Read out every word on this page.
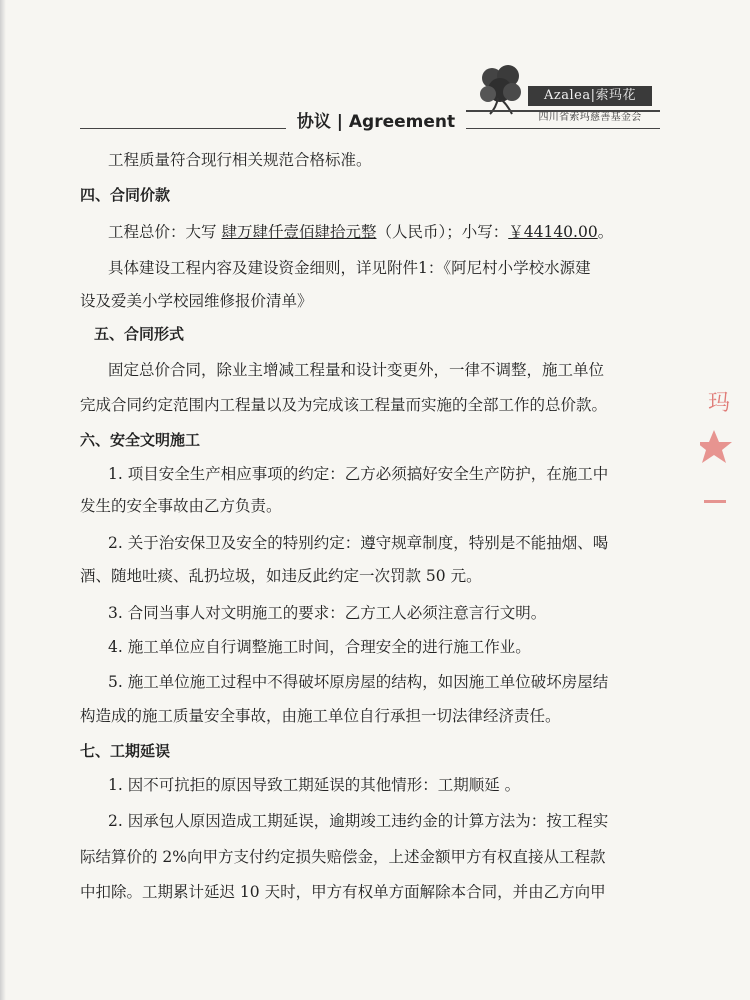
Azalea|索玛花
四川省索玛慈善基金会
协议 | Agreement
工程质量符合现行相关规范合格标准。
四、合同价款
工程总价：大写 肆万肆仟壹佰肆拾元整（人民币）；小写：￥44140.00。
具体建设工程内容及建设资金细则，详见附件1：《阿尼村小学校水源建
设及爱美小学校园维修报价清单》
五、合同形式
固定总价合同，除业主增减工程量和设计变更外，一律不调整，施工单位
完成合同约定范围内工程量以及为完成该工程量而实施的全部工作的总价款。
六、安全文明施工
1. 项目安全生产相应事项的约定：乙方必须搞好安全生产防护，在施工中
发生的安全事故由乙方负责。
2. 关于治安保卫及安全的特别约定：遵守规章制度，特别是不能抽烟、喝
酒、随地吐痰、乱扔垃圾，如违反此约定一次罚款 50 元。
3. 合同当事人对文明施工的要求：乙方工人必须注意言行文明。
4. 施工单位应自行调整施工时间，合理安全的进行施工作业。
5. 施工单位施工过程中不得破坏原房屋的结构，如因施工单位破坏房屋结
构造成的施工质量安全事故，由施工单位自行承担一切法律经济责任。
七、工期延误
1. 因不可抗拒的原因导致工期延误的其他情形：工期顺延 。
2. 因承包人原因造成工期延误，逾期竣工违约金的计算方法为：按工程实
际结算价的 2%向甲方支付约定损失赔偿金，上述金额甲方有权直接从工程款
中扣除。工期累计延迟 10 天时，甲方有权单方面解除本合同，并由乙方向甲
玛
